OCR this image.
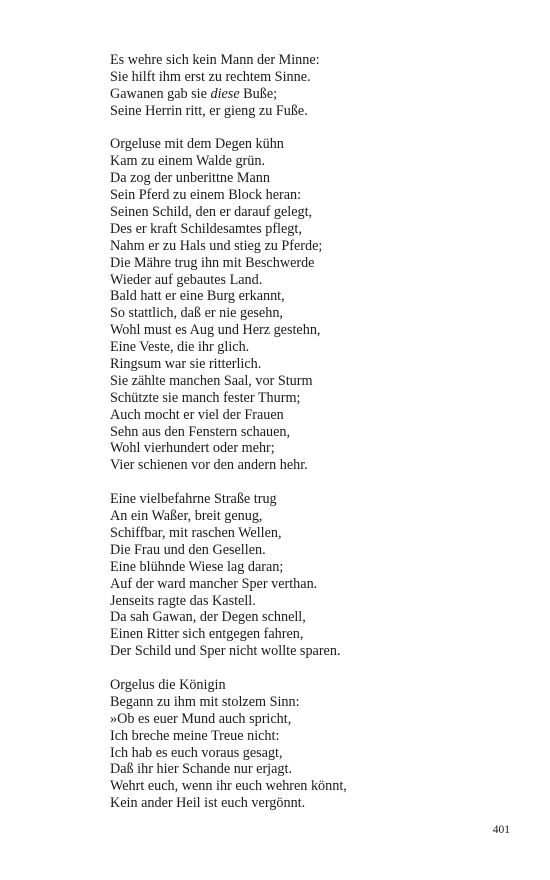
Es wehre sich kein Mann der Minne:
Sie hilft ihm erst zu rechtem Sinne.
Gawanen gab sie diese Buße;
Seine Herrin ritt, er gieng zu Fuße.
Orgeluse mit dem Degen kühn
Kam zu einem Walde grün.
Da zog der unberittne Mann
Sein Pferd zu einem Block heran:
Seinen Schild, den er darauf gelegt,
Des er kraft Schildesamtes pflegt,
Nahm er zu Hals und stieg zu Pferde;
Die Mähre trug ihn mit Beschwerde
Wieder auf gebautes Land.
Bald hatt er eine Burg erkannt,
So stattlich, daß er nie gesehn,
Wohl must es Aug und Herz gestehn,
Eine Veste, die ihr glich.
Ringsum war sie ritterlich.
Sie zählte manchen Saal, vor Sturm
Schützte sie manch fester Thurm;
Auch mocht er viel der Frauen
Sehn aus den Fenstern schauen,
Wohl vierhundert oder mehr;
Vier schienen vor den andern hehr.
Eine vielbefahrne Straße trug
An ein Waßer, breit genug,
Schiffbar, mit raschen Wellen,
Die Frau und den Gesellen.
Eine blühnde Wiese lag daran;
Auf der ward mancher Sper verthan.
Jenseits ragte das Kastell.
Da sah Gawan, der Degen schnell,
Einen Ritter sich entgegen fahren,
Der Schild und Sper nicht wollte sparen.
Orgelus die Königin
Begann zu ihm mit stolzem Sinn:
»Ob es euer Mund auch spricht,
Ich breche meine Treue nicht:
Ich hab es euch voraus gesagt,
Daß ihr hier Schande nur erjagt.
Wehrt euch, wenn ihr euch wehren könnt,
Kein ander Heil ist euch vergönnt.
401
